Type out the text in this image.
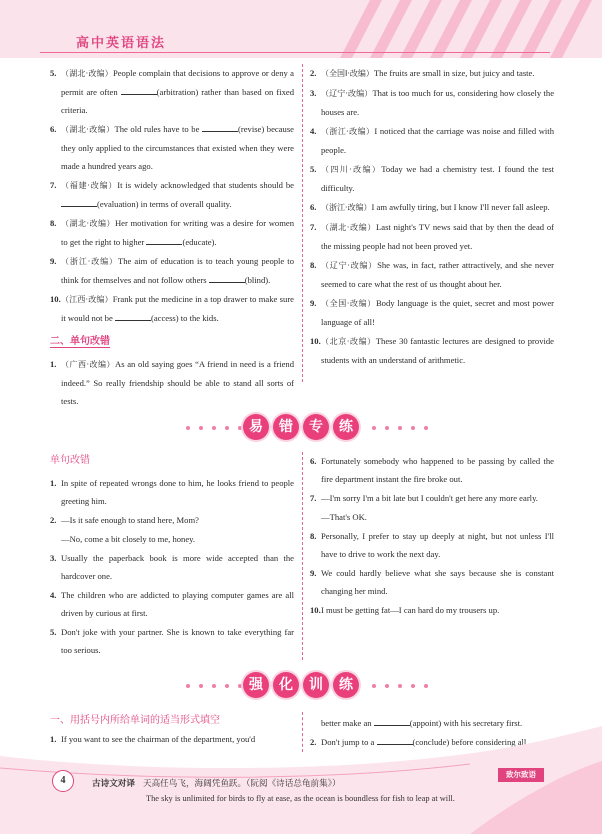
高中英语语法
5. （湖北·改编）People complain that decisions to approve or deny a permit are often	(arbitration) rather than based on fixed criteria.
6. （湖北·改编）The old rules have to be	(revise) because they only applied to the circumstances that existed when they were made a hundred years ago.
7. （福建·改编）It is widely acknowledged that students should be (evaluation) in terms of overall quality.
8. （湖北·改编）Her motivation for writing was a desire for women to get the right to higher	(educate).
9. （浙江·改编）The aim of education is to teach young people to think for themselves and not follow others	(blind).
10. （江西·改编）Frank put the medicine in a top drawer to make sure it would not be	(access) to the kids.
二、单句改错
1. （广西·改编）As an old saying goes “A friend in need is a friend indeed.” So really friendship should be able to stand all sorts of tests.
2. （全国Ⅰ·改编）The fruits are small in size, but juicy and taste.
3. （辽宁·改编）That is too much for us, considering how closely the houses are.
4. （浙江·改编）I noticed that the carriage was noise and filled with people.
5. （四川·改编）Today we had a chemistry test. I found the test difficulty.
6. （浙江·改编）I am awfully tiring, but I know I'll never fall asleep.
7. （湖北·改编）Last night's TV news said that by then the dead of the missing people had not been proved yet.
8. （辽宁·改编）She was, in fact, rather attractively, and she never seemed to care what the rest of us thought about her.
9. （全国·改编）Body language is the quiet, secret and most power language of all!
10. （北京·改编）These 30 fantastic lectures are designed to provide students with an understand of arithmetic.
易	错	专	练
单句改错
1. In spite of repeated wrongs done to him, he looks friend to people greeting him.
2. —Is it safe enough to stand here, Mom?
—No, come a bit closely to me, honey.
3. Usually the paperback book is more wide accepted than the hardcover one.
4. The children who are addicted to playing computer games are all driven by curious at first.
5. Don't joke with your partner. She is known to take everything far too serious.
6. Fortunately somebody who happened to be passing by called the fire department instant the fire broke out.
7. —I'm sorry I'm a bit late but I couldn't get here any more early.
—That's OK.
8. Personally, I prefer to stay up deeply at night, but not unless I'll have to drive to work the next day.
9. We could hardly believe what she says because she is constant changing her mind.
10. I must be getting fat—I can hard do my trousers up.
强	化	训	练
一、用括号内所给单词的适当形式填空
1. If you want to see the chairman of the department, you'd
better make an	(appoint) with his secretary first.
2. Don't jump to a	(conclude) before considering all
4	古诗文对译 天高任鸟飞，海阔凭鱼跃。（阮阅《诗话总龟前集》）
The sky is unlimited for birds to fly at ease, as the ocean is boundless for fish to leap at will.
致尔致语
